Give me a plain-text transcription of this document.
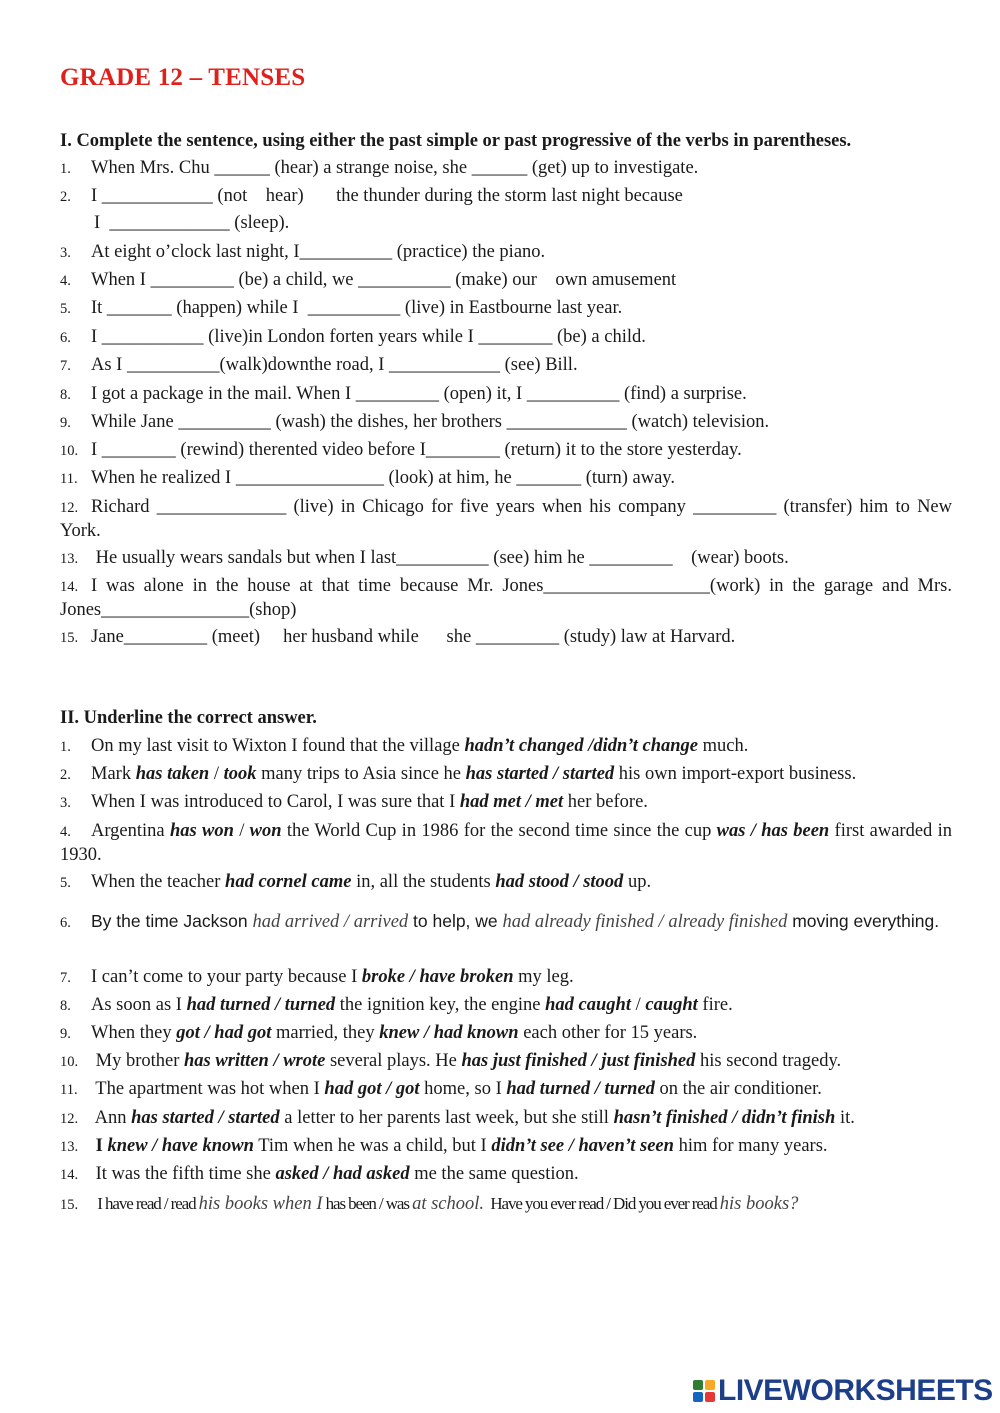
GRADE 12 – TENSES

I. Complete the sentence, using either the past simple or past progressive of the verbs in parentheses.

1. When Mrs. Chu ______ (hear) a strange noise, she ______ (get) up to investigate.
2. I ____________ (not    hear)       the thunder during the storm last night because
I  _____________ (sleep).
3. At eight o’clock last night, I__________ (practice) the piano.
4. When I _________ (be) a child, we __________ (make) our    own amusement
5. It _______ (happen) while I  __________ (live) in Eastbourne last year.
6. I ___________ (live)in London forten years while I ________ (be) a child.
7. As I __________(walk)downthe road, I ____________ (see) Bill.
8. I got a package in the mail. When I _________ (open) it, I __________ (find) a surprise.
9. While Jane __________ (wash) the dishes, her brothers _____________ (watch) television.
10. I ________ (rewind) therented video before I________ (return) it to the store yesterday.
11. When he realized I ________________ (look) at him, he _______ (turn) away.
12. Richard ______________ (live) in Chicago for five years when his company _________ (transfer) him to New York.
13. He usually wears sandals but when I last__________ (see) him he _________    (wear) boots.
14. I was alone in the house at that time because Mr. Jones__________________(work) in the garage and Mrs. Jones________________(shop)
15. Jane_________ (meet)     her husband while      she _________ (study) law at Harvard.

II. Underline the correct answer.

1. On my last visit to Wixton I found that the village hadn’t changed /didn’t change much.
2. Mark has taken / took many trips to Asia since he has started / started his own import-export business.
3. When I was introduced to Carol, I was sure that I had met / met her before.
4. Argentina has won / won the World Cup in 1986 for the second time since the cup was / has been first awarded in 1930.
5. When the teacher had cornel came in, all the students had stood / stood up.
6. By the time Jackson had arrived / arrived to help, we had already finished / already finished moving everything.
7. I can’t come to your party because I broke / have broken my leg.
8. As soon as I had turned / turned the ignition key, the engine had caught / caught fire.
9. When they got / had got married, they knew / had known each other for 15 years.
10. My brother has written / wrote several plays. He has just finished / just finished his second tragedy.
11. The apartment was hot when I had got / got home, so I had turned / turned on the air conditioner.
12. Ann has started / started a letter to her parents last week, but she still hasn’t finished / didn’t finish it.
13. I knew / have known Tim when he was a child, but I didn’t see / haven’t seen him for many years.
14. It was the fifth time she asked / had asked me the same question.
15.  I have read / read his books when I has been / was at school.  Have you ever read / Did you ever read his books?
LIVEWORKSHEETS
